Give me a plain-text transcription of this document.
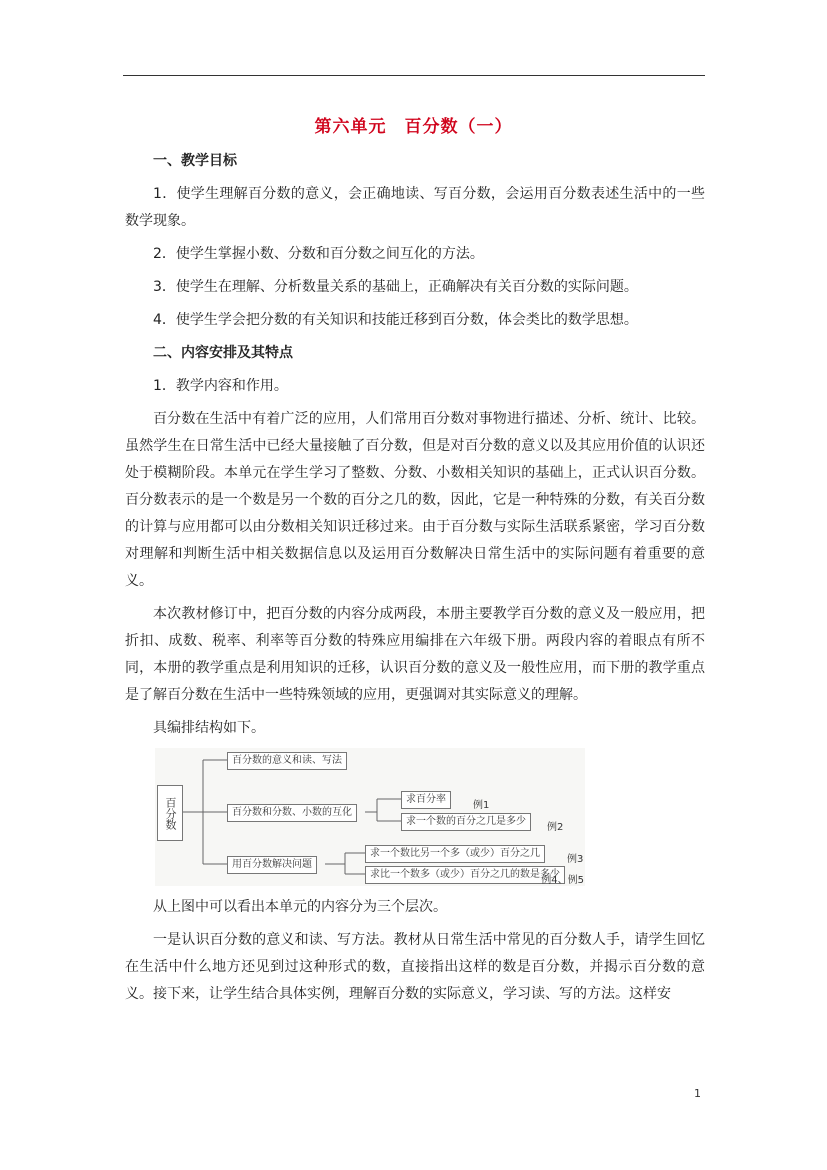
第六单元 百分数（一）

一、教学目标

1．使学生理解百分数的意义，会正确地读、写百分数，会运用百分数表述生活中的一些数学现象。

2．使学生掌握小数、分数和百分数之间互化的方法。

3．使学生在理解、分析数量关系的基础上，正确解决有关百分数的实际问题。

4．使学生学会把分数的有关知识和技能迁移到百分数，体会类比的数学思想。

二、内容安排及其特点

1．教学内容和作用。

百分数在生活中有着广泛的应用，人们常用百分数对事物进行描述、分析、统计、比较。虽然学生在日常生活中已经大量接触了百分数，但是对百分数的意义以及其应用价值的认识还处于模糊阶段。本单元在学生学习了整数、分数、小数相关知识的基础上，正式认识百分数。百分数表示的是一个数是另一个数的百分之几的数，因此，它是一种特殊的分数，有关百分数的计算与应用都可以由分数相关知识迁移过来。由于百分数与实际生活联系紧密，学习百分数对理解和判断生活中相关数据信息以及运用百分数解决日常生活中的实际问题有着重要的意义。

本次教材修订中，把百分数的内容分成两段，本册主要教学百分数的意义及一般应用，把折扣、成数、税率、利率等百分数的特殊应用编排在六年级下册。两段内容的着眼点有所不同，本册的教学重点是利用知识的迁移，认识百分数的意义及一般性应用，而下册的教学重点是了解百分数在生活中一些特殊领域的应用，更强调对其实际意义的理解。

具编排结构如下。

百分数
百分数的意义和读、写法
百分数和分数、小数的互化
用百分数解决问题
求百分率
求一个数的百分之几是多少
求一个数比另一个多（或少）百分之几
求比一个数多（或少）百分之几的数是多少
例1
例2
例3
例4、例5

从上图中可以看出本单元的内容分为三个层次。

一是认识百分数的意义和读、写方法。教材从日常生活中常见的百分数人手，请学生回忆在生活中什么地方还见到过这种形式的数，直接指出这样的数是百分数，并揭示百分数的意义。接下来，让学生结合具体实例，理解百分数的实际意义，学习读、写的方法。这样安

1
